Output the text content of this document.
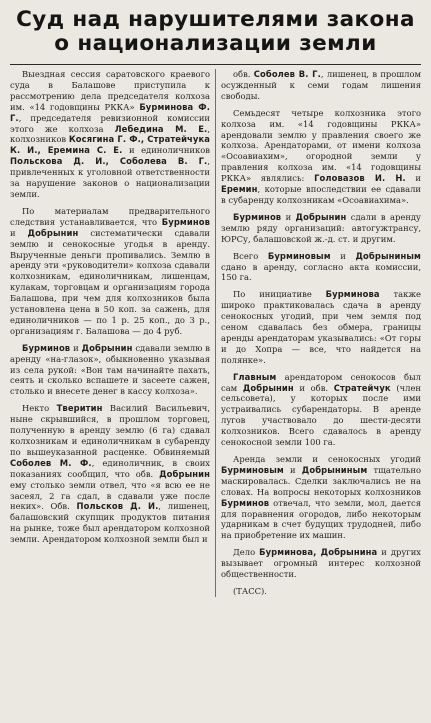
Суд над нарушителями закона
о национализации земли

Выездная сессия саратовского краевого суда в Балашове приступила к рассмотрению дела председателя колхоза им. «14 годовщины РККА» Бурминова Ф. Г., председателя ревизионной комиссии этого же колхоза Лебедина М. Е., колхозников Косягина Г. Ф., Стратейчука К. И., Еремина С. Е. и единоличников Польскова Д. И., Соболева В. Г., привлеченных к уголовной ответственности за нарушение законов о национализации земли.

По материалам предварительного следствия устанавливается, что Бурминов и Добрынин систематически сдавали землю и сенокосные угодья в аренду. Вырученные деньги пропивались. Землю в аренду эти «руководители» колхоза сдавали колхозникам, единоличникам, лишенцам, кулакам, торговцам и организациям города Балашова, при чем для колхозников была установлена цена в 50 коп. за сажень, для единоличников — по 1 р. 25 коп., до 3 р., организациям г. Балашова — до 4 руб.

Бурминов и Добрынин сдавали землю в аренду «на-глазок», обыкновенно указывая из села рукой: «Вон там начинайте пахать, сеять и сколько вспашете и засеете сажен, столько и внесете денег в кассу колхоза».

Некто Тверитин Василий Васильевич, ныне скрывшийся, в прошлом торговец, полученную в аренду землю (6 га) сдавал колхозникам и единоличникам в субаренду по вышеуказанной расценке. Обвиняемый Соболев М. Ф., единоличник, в своих показаниях сообщил, что обв. Добрынин ему столько земли отвел, что «я всю ее не засеял, 2 га сдал, в сдавали уже после неких». Обв. Польсков Д. И., лишенец, балашовский скупщик продуктов питания на рынке, тоже был арендатором колхозной земли. Арендатором колхозной земли был и

обв. Соболев В. Г., лишенец, в прошлом осужденный к семи годам лишения свободы.

Семьдесят четыре колхозника этого колхоза им. «14 годовщины РККА» арендовали землю у правления своего же колхоза. Арендаторами, от имени колхоза «Осоавиахим», огородной земли у правления колхоза им. «14 годовщины РККА» являлись: Головазов И. Н. и Еремин, которые впоследствии ее сдавали в субаренду колхозникам «Осоавиахима».

Бурминов и Добрынин сдали в аренду землю ряду организаций: автогужтрансу, ЮРСу, балашовской ж.-д. ст. и другим.

Всего Бурминовым и Добрыниным сдано в аренду, согласно акта комиссии, 150 га.

По инициативе Бурминова также широко практиковалась сдача в аренду сенокосных угодий, при чем земля под сеном сдавалась без обмера, границы аренды арендаторам указывались: «От горы и до Хопра — все, что найдется на полянке».

Главным арендатором сенокосов был сам Добрынин и обв. Стратейчук (член сельсовета), у которых после ими устраивались субарендаторы. В аренде лугов участвовало до шести-десяти колхозников. Всего сдавалось в аренду сенокосной земли 100 га.

Аренда земли и сенокосных угодий Бурминовым и Добрыниным тщательно маскировалась. Сделки заключались не на словах. На вопросы некоторых колхозников Бурминов отвечал, что земли, мол, дается для поравнения огородов, либо некоторым ударникам в счет будущих трудодней, либо на приобретение их машин.

Дело Бурминова, Добрынина и других вызывает огромный интерес колхозной общественности.

(ТАСС).
